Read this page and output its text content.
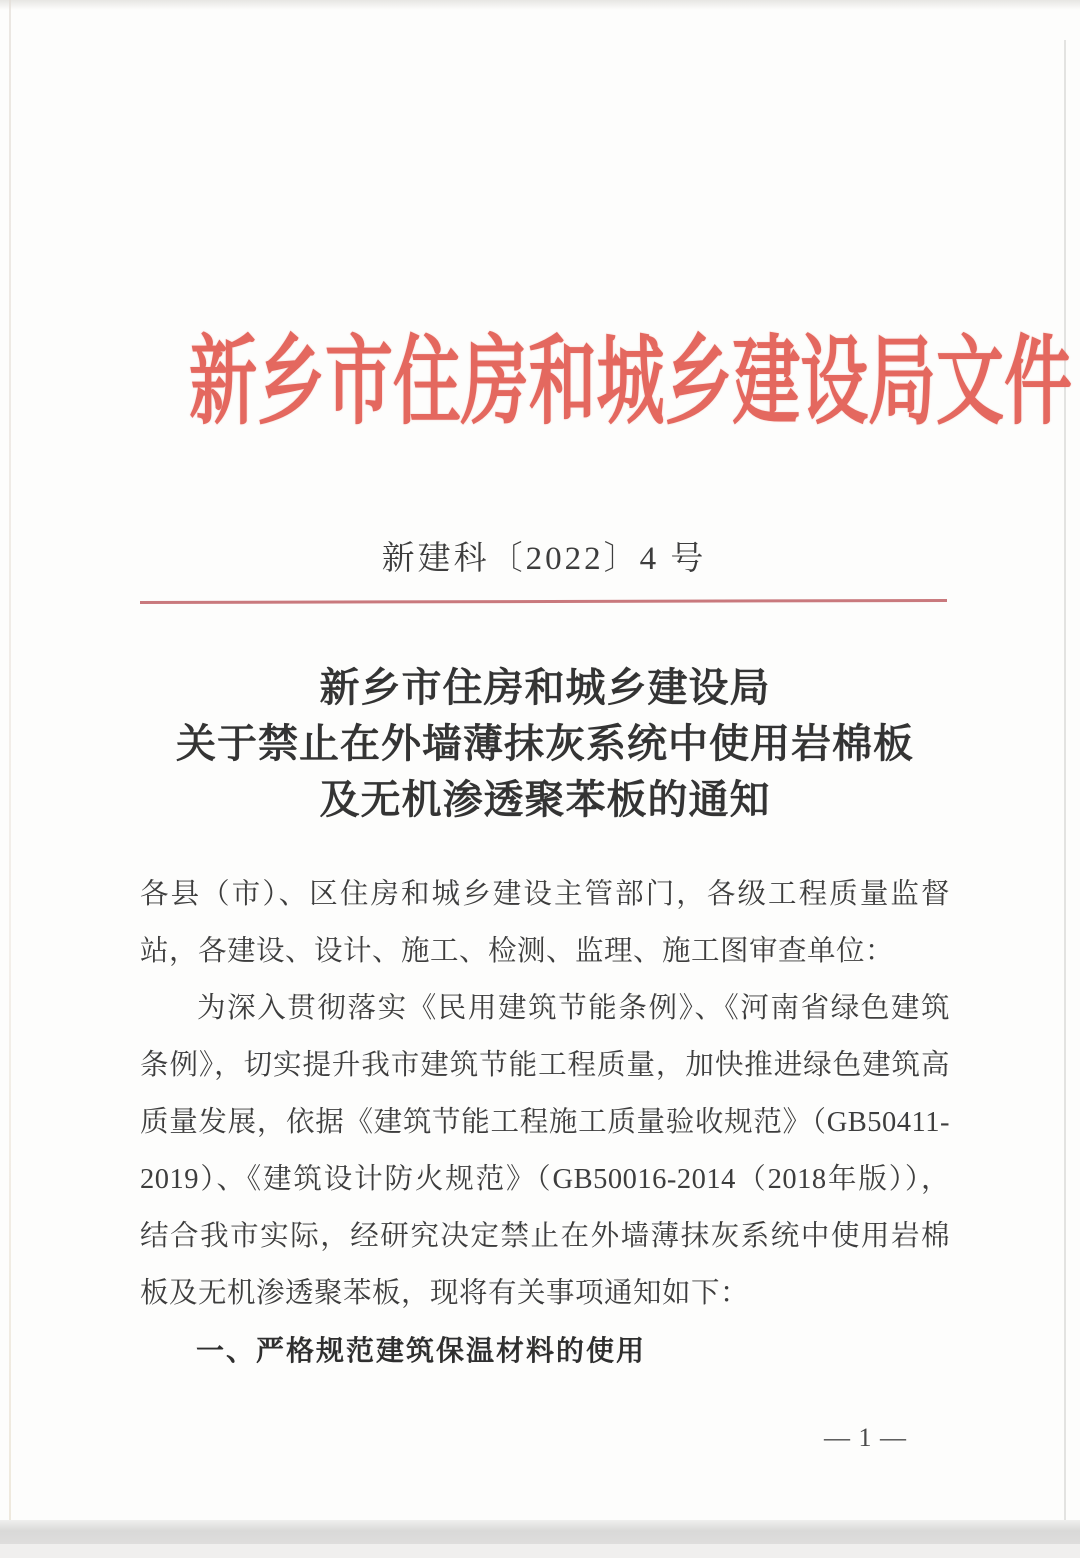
新乡市住房和城乡建设局文件
新建科〔2022〕4 号
新乡市住房和城乡建设局
关于禁止在外墙薄抹灰系统中使用岩棉板
及无机渗透聚苯板的通知

各县（市）、区住房和城乡建设主管部门，各级工程质量监督站，各建设、设计、施工、检测、监理、施工图审查单位：

为深入贯彻落实《民用建筑节能条例》、《河南省绿色建筑条例》，切实提升我市建筑节能工程质量，加快推进绿色建筑高质量发展，依据《建筑节能工程施工质量验收规范》（GB50411-2019）、《建筑设计防火规范》（GB50016-2014（2018年版）），结合我市实际，经研究决定禁止在外墙薄抹灰系统中使用岩棉板及无机渗透聚苯板，现将有关事项通知如下：

一、严格规范建筑保温材料的使用

— 1 —
